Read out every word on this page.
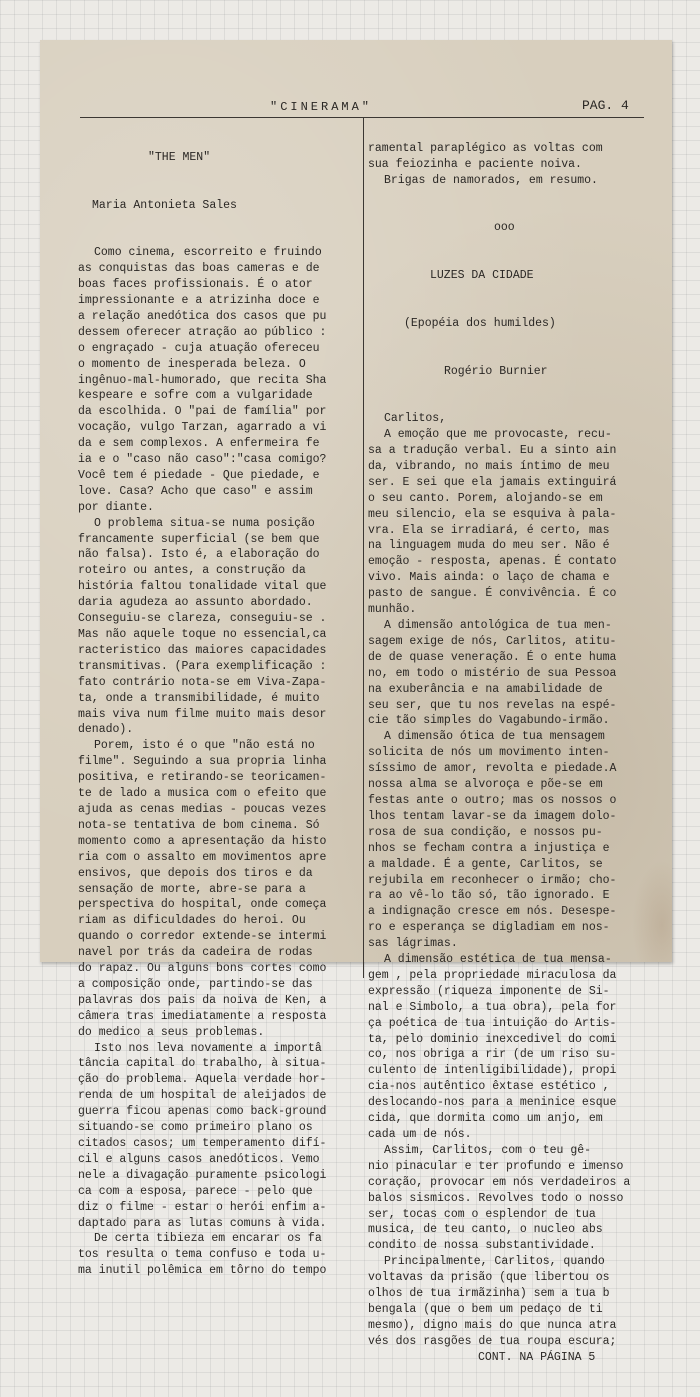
"CINERAMA"	PAG. 4

"THE MEN"

Maria Antonieta Sales

Como cinema, escorreito e fruindo
as conquistas das boas cameras e de
boas faces profissionais. É o ator
impressionante e a atrizinha doce e
a relação anedótica dos casos que pu
dessem oferecer atração ao público :
o engraçado - cuja atuação ofereceu
o momento de inesperada beleza. O
ingênuo-mal-humorado, que recita Sha
kespeare e sofre com a vulgaridade
da escolhida. O "pai de família" por
vocação, vulgo Tarzan, agarrado a vi
da e sem complexos. A enfermeira fe
ia e o "caso não caso":"casa comigo?
Você tem é piedade - Que piedade, e
love. Casa? Acho que caso" e assim
por diante.
O problema situa-se numa posição
francamente superficial (se bem que
não falsa). Isto é, a elaboração do
roteiro ou antes, a construção da
história faltou tonalidade vital que
daria agudeza ao assunto abordado.
Conseguiu-se clareza, conseguiu-se .
Mas não aquele toque no essencial,ca
racteristico das maiores capacidades
transmitivas. (Para exemplificação :
fato contrário nota-se em Viva-Zapa-
ta, onde a transmibilidade, é muito
mais viva num filme muito mais desor
denado).
Porem, isto é o que "não está no
filme". Seguindo a sua propria linha
positiva, e retirando-se teoricamen-
te de lado a musica com o efeito que
ajuda as cenas medias - poucas vezes
nota-se tentativa de bom cinema. Só
momento como a apresentação da histo
ria com o assalto em movimentos apre
ensivos, que depois dos tiros e da
sensação de morte, abre-se para a
perspectiva do hospital, onde começa
riam as dificuldades do heroi. Ou
quando o corredor extende-se intermi
navel por trás da cadeira de rodas
do rapaz. Ou alguns bons cortes como
a composição onde, partindo-se das
palavras dos pais da noiva de Ken, a
câmera tras imediatamente a resposta
do medico a seus problemas.
Isto nos leva novamente a importâ
tância capital do trabalho, à situa-
ção do problema. Aquela verdade hor-
renda de um hospital de aleijados de
guerra ficou apenas como back-ground
situando-se como primeiro plano os
citados casos; um temperamento difí-
cil e alguns casos anedóticos. Vemo
nele a divagação puramente psicologi
ca com a esposa, parece - pelo que
diz o filme - estar o herói enfim a-
daptado para as lutas comuns à vida.
De certa tibieza em encarar os fa
tos resulta o tema confuso e toda u-
ma inutil polêmica em tôrno do tempo

ramental paraplégico as voltas com
sua feiozinha e paciente noiva.
Brigas de namorados, em resumo.

ooo

LUZES DA CIDADE

(Epopéia dos humildes)

Rogério Burnier

Carlitos,
A emoção que me provocaste, recu-
sa a tradução verbal. Eu a sinto ain
da, vibrando, no mais íntimo de meu
ser. E sei que ela jamais extinguirá
o seu canto. Porem, alojando-se em
meu silencio, ela se esquiva à pala-
vra. Ela se irradiará, é certo, mas
na linguagem muda do meu ser. Não é
emoção - resposta, apenas. É contato
vivo. Mais ainda: o laço de chama e
pasto de sangue. É convivência. É co
munhão.
A dimensão antológica de tua men-
sagem exige de nós, Carlitos, atitu-
de de quase veneração. É o ente huma
no, em todo o mistério de sua Pessoa
na exuberância e na amabilidade de
seu ser, que tu nos revelas na espé-
cie tão simples do Vagabundo-irmão.
A dimensão ótica de tua mensagem
solicita de nós um movimento inten-
síssimo de amor, revolta e piedade.A
nossa alma se alvoroça e põe-se em
festas ante o outro; mas os nossos o
lhos tentam lavar-se da imagem dolo-
rosa de sua condição, e nossos pu-
nhos se fecham contra a injustiça e
a maldade. É a gente, Carlitos, se
rejubila em reconhecer o irmão; cho-
ra ao vê-lo tão só, tão ignorado. E
a indignação cresce em nós. Desespe-
ro e esperança se digladiam em nos-
sas lágrimas.
A dimensão estética de tua mensa-
gem , pela propriedade miraculosa da
expressão (riqueza imponente de Si-
nal e Simbolo, a tua obra), pela for
ça poética de tua intuição do Artis-
ta, pelo dominio inexcedivel do comi
co, nos obriga a rir (de um riso su-
culento de intenligibilidade), propi
cia-nos autêntico êxtase estético ,
deslocando-nos para a meninice esque
cida, que dormita como um anjo, em
cada um de nós.
Assim, Carlitos, com o teu gê-
nio pinacular e ter profundo e imenso
coração, provocar em nós verdadeiros a
balos sismicos. Revolves todo o nosso
ser, tocas com o esplendor de tua
musica, de teu canto, o nucleo abs
condito de nossa substantividade.
Principalmente, Carlitos, quando
voltavas da prisão (que libertou os
olhos de tua irmãzinha) sem a tua b
bengala (que o bem um pedaço de ti
mesmo), digno mais do que nunca atra
vés dos rasgões de tua roupa escura;
CONT. NA PÁGINA 5
